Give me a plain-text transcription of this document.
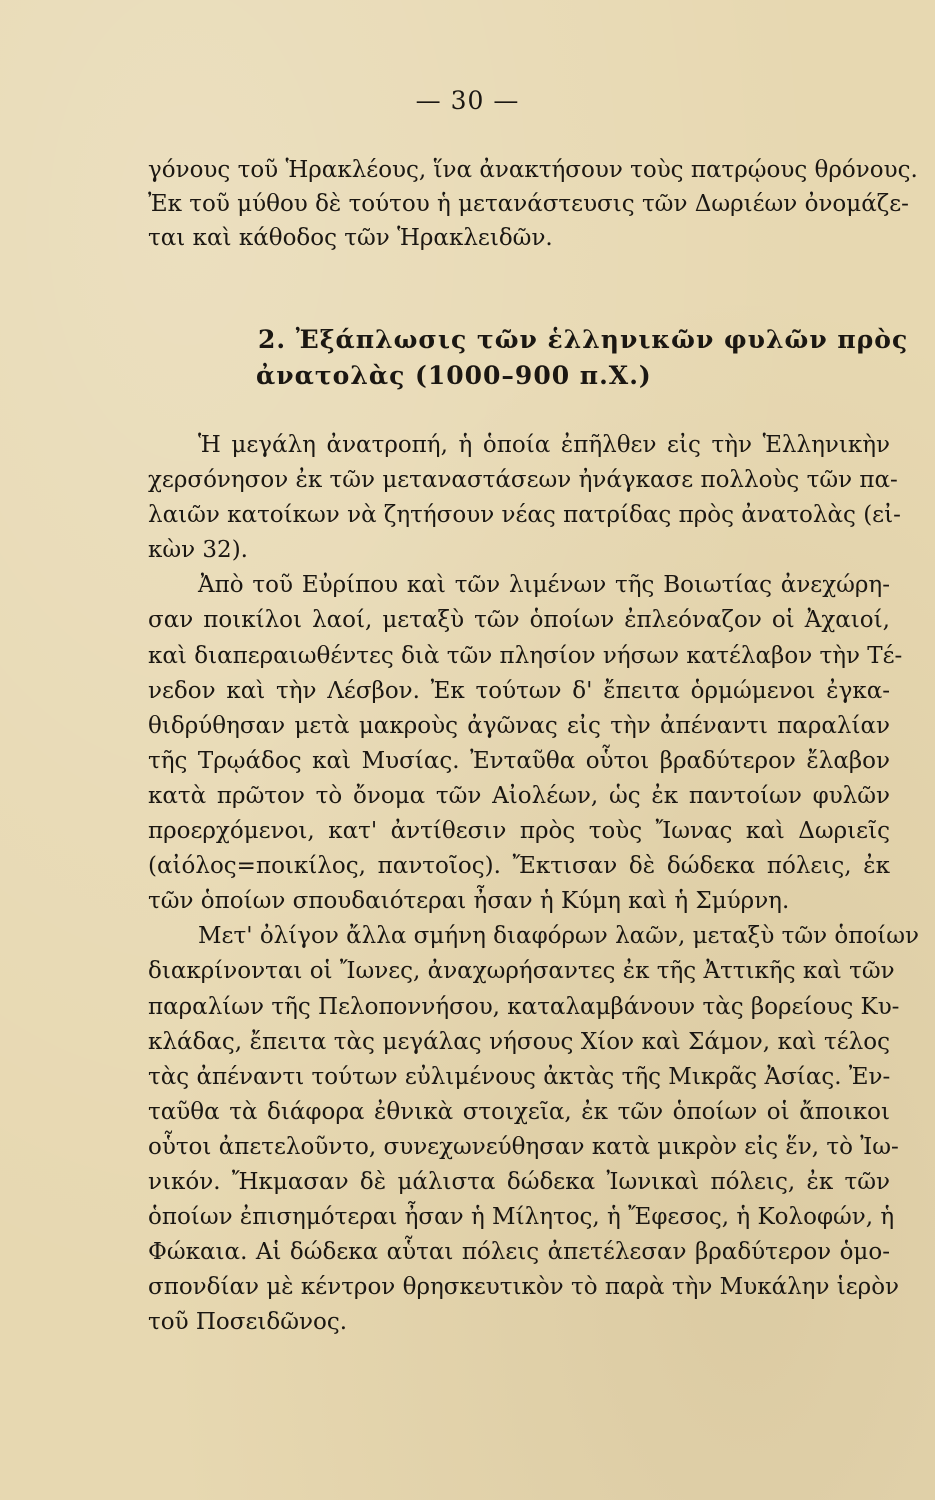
— 30 —
γόνους τοῦ Ἡρακλέους, ἵνα ἀνακτήσουν τοὺς πατρῴους θρόνους.
Ἐκ τοῦ μύθου δὲ τούτου ἡ μετανάστευσις τῶν Δωριέων ὀνομάζε-
ται καὶ κάθοδος τῶν Ἡρακλειδῶν.
2. Ἐξάπλωσις τῶν ἑλληνικῶν φυλῶν πρὸς
ἀνατολὰς (1000–900 π.Χ.)
Ἡ μεγάλη ἀνατροπή, ἡ ὁποία ἐπῆλθεν εἰς τὴν Ἑλληνικὴν
χερσόνησον ἐκ τῶν μεταναστάσεων ἠνάγκασε πολλοὺς τῶν πα-
λαιῶν κατοίκων νὰ ζητήσουν νέας πατρίδας πρὸς ἀνατολὰς (εἰ-
κὼν 32).
Ἀπὸ τοῦ Εὐρίπου καὶ τῶν λιμένων τῆς Βοιωτίας ἀνεχώρη-
σαν ποικίλοι λαοί, μεταξὺ τῶν ὁποίων ἐπλεόναζον οἱ Ἀχαιοί,
καὶ διαπεραιωθέντες διὰ τῶν πλησίον νήσων κατέλαβον τὴν Τέ-
νεδον καὶ τὴν Λέσβον. Ἐκ τούτων δ' ἔπειτα ὁρμώμενοι ἐγκα-
θιδρύθησαν μετὰ μακροὺς ἀγῶνας εἰς τὴν ἀπέναντι παραλίαν
τῆς Τρῳάδος καὶ Μυσίας. Ἐνταῦθα οὗτοι βραδύτερον ἔλαβον
κατὰ πρῶτον τὸ ὄνομα τῶν Αἰολέων, ὡς ἐκ παντοίων φυλῶν
προερχόμενοι, κατ' ἀντίθεσιν πρὸς τοὺς Ἴωνας καὶ Δωριεῖς
(αἰόλος=ποικίλος, παντοῖος). Ἔκτισαν δὲ δώδεκα πόλεις, ἐκ
τῶν ὁποίων σπουδαιότεραι ἦσαν ἡ Κύμη καὶ ἡ Σμύρνη.
Μετ' ὀλίγον ἄλλα σμήνη διαφόρων λαῶν, μεταξὺ τῶν ὁποίων
διακρίνονται οἱ Ἴωνες, ἀναχωρήσαντες ἐκ τῆς Ἀττικῆς καὶ τῶν
παραλίων τῆς Πελοποννήσου, καταλαμβάνουν τὰς βορείους Κυ-
κλάδας, ἔπειτα τὰς μεγάλας νήσους Χίον καὶ Σάμον, καὶ τέλος
τὰς ἀπέναντι τούτων εὐλιμένους ἀκτὰς τῆς Μικρᾶς Ἀσίας. Ἐν-
ταῦθα τὰ διάφορα ἐθνικὰ στοιχεῖα, ἐκ τῶν ὁποίων οἱ ἄποικοι
οὗτοι ἀπετελοῦντο, συνεχωνεύθησαν κατὰ μικρὸν εἰς ἕν, τὸ Ἰω-
νικόν. Ἤκμασαν δὲ μάλιστα δώδεκα Ἰωνικαὶ πόλεις, ἐκ τῶν
ὁποίων ἐπισημότεραι ἦσαν ἡ Μίλητος, ἡ Ἔφεσος, ἡ Κολοφών, ἡ
Φώκαια. Αἱ δώδεκα αὗται πόλεις ἀπετέλεσαν βραδύτερον ὁμο-
σπονδίαν μὲ κέντρον θρησκευτικὸν τὸ παρὰ τὴν Μυκάλην ἱερὸν
τοῦ Ποσειδῶνος.
